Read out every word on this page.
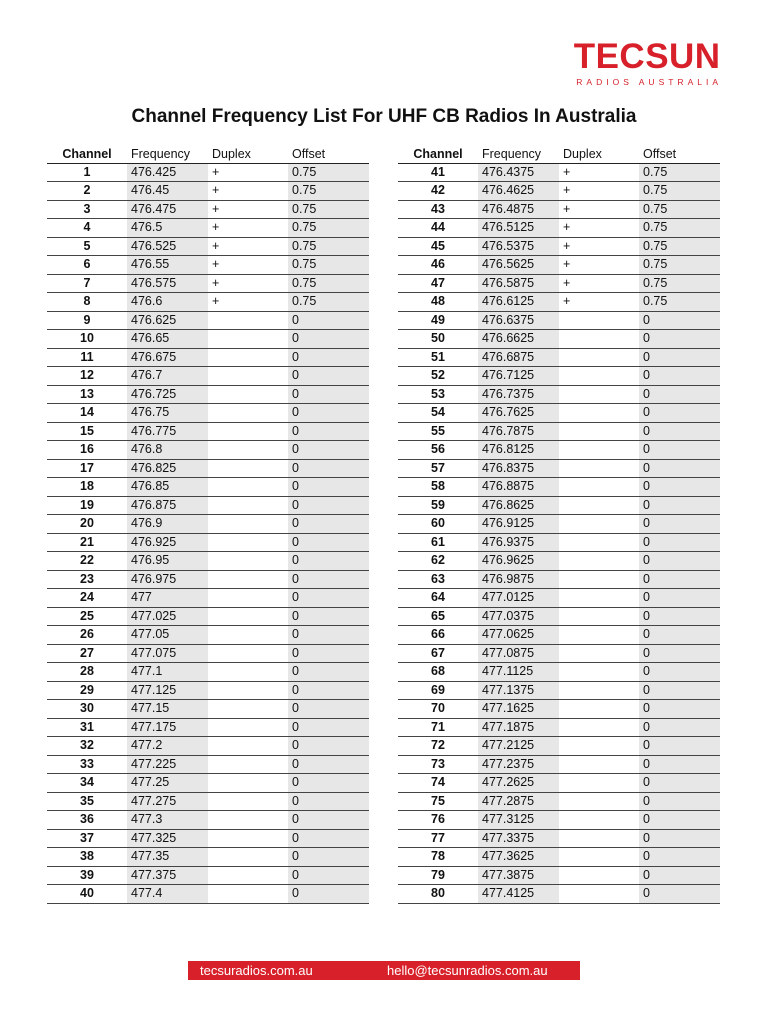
TECSUN
RADIOS AUSTRALIA
Channel Frequency List For UHF CB Radios In Australia
Channel	Frequency	Duplex	Offset
1	476.425	+	0.75
2	476.45	+	0.75
3	476.475	+	0.75
4	476.5	+	0.75
5	476.525	+	0.75
6	476.55	+	0.75
7	476.575	+	0.75
8	476.6	+	0.75
9	476.625		0
10	476.65		0
11	476.675		0
12	476.7		0
13	476.725		0
14	476.75		0
15	476.775		0
16	476.8		0
17	476.825		0
18	476.85		0
19	476.875		0
20	476.9		0
21	476.925		0
22	476.95		0
23	476.975		0
24	477		0
25	477.025		0
26	477.05		0
27	477.075		0
28	477.1		0
29	477.125		0
30	477.15		0
31	477.175		0
32	477.2		0
33	477.225		0
34	477.25		0
35	477.275		0
36	477.3		0
37	477.325		0
38	477.35		0
39	477.375		0
40	477.4		0
Channel	Frequency	Duplex	Offset
41	476.4375	+	0.75
42	476.4625	+	0.75
43	476.4875	+	0.75
44	476.5125	+	0.75
45	476.5375	+	0.75
46	476.5625	+	0.75
47	476.5875	+	0.75
48	476.6125	+	0.75
49	476.6375		0
50	476.6625		0
51	476.6875		0
52	476.7125		0
53	476.7375		0
54	476.7625		0
55	476.7875		0
56	476.8125		0
57	476.8375		0
58	476.8875		0
59	476.8625		0
60	476.9125		0
61	476.9375		0
62	476.9625		0
63	476.9875		0
64	477.0125		0
65	477.0375		0
66	477.0625		0
67	477.0875		0
68	477.1125		0
69	477.1375		0
70	477.1625		0
71	477.1875		0
72	477.2125		0
73	477.2375		0
74	477.2625		0
75	477.2875		0
76	477.3125		0
77	477.3375		0
78	477.3625		0
79	477.3875		0
80	477.4125		0
tecsuradios.com.au	hello@tecsunradios.com.au
